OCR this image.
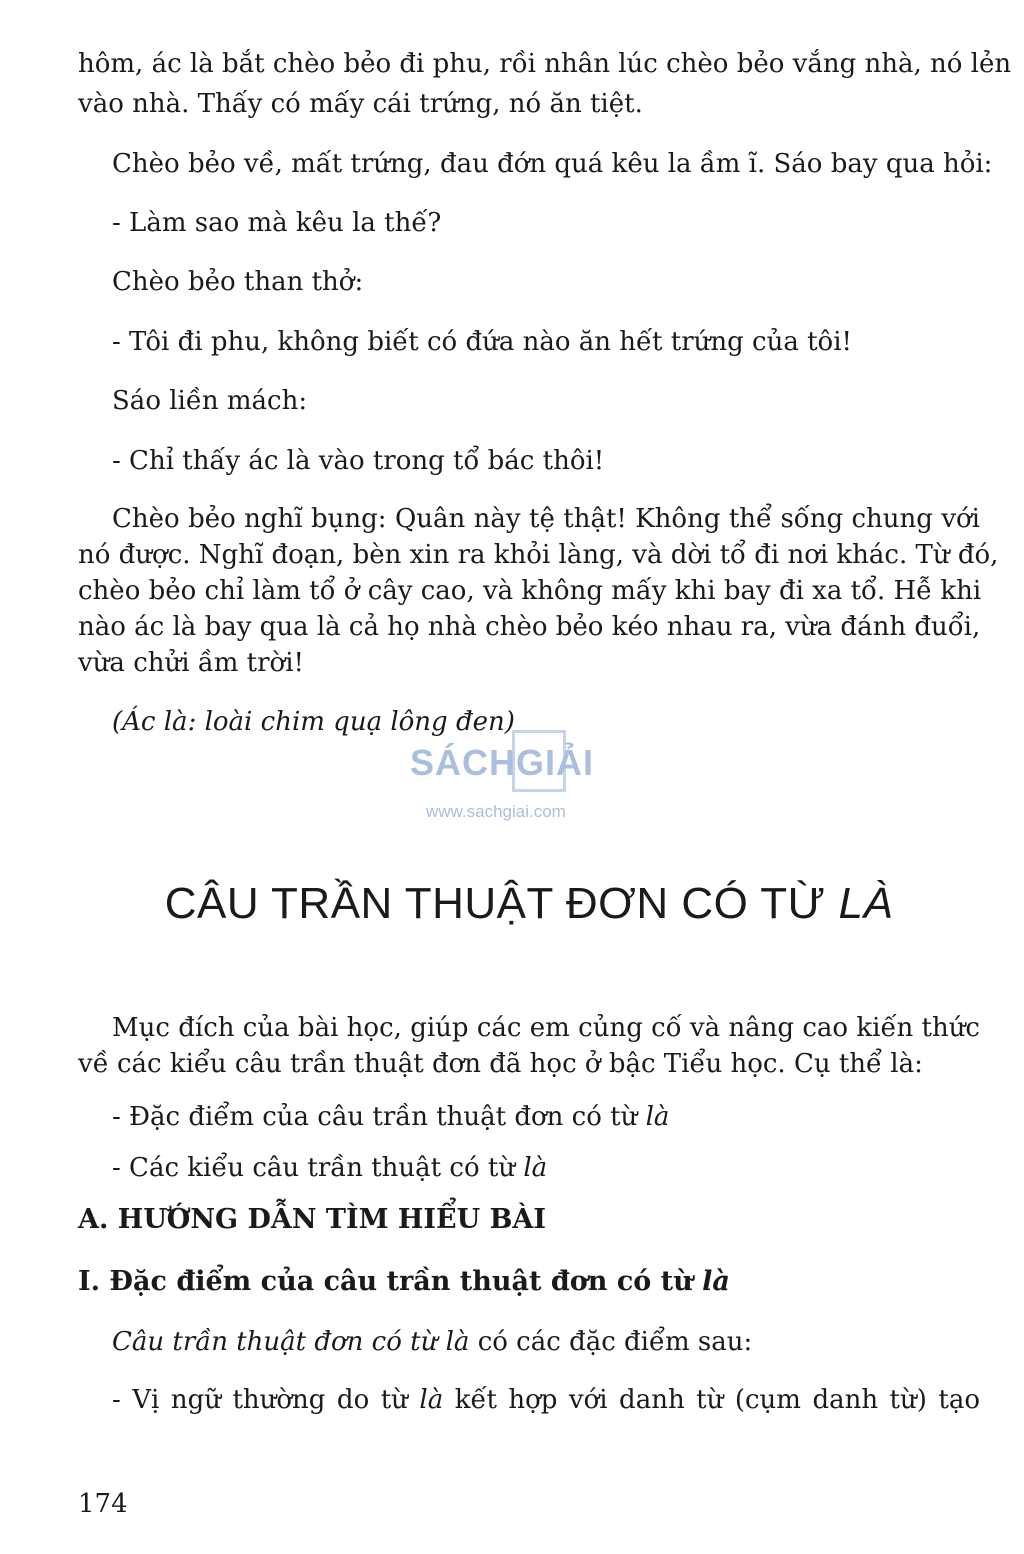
hôm, ác là bắt chèo bẻo đi phu, rồi nhân lúc chèo bẻo vắng nhà, nó lẻn
vào nhà. Thấy có mấy cái trứng, nó ăn tiệt.
Chèo bẻo về, mất trứng, đau đớn quá kêu la ầm ĩ. Sáo bay qua hỏi:
- Làm sao mà kêu la thế?
Chèo bẻo than thở:
- Tôi đi phu, không biết có đứa nào ăn hết trứng của tôi!
Sáo liền mách:
- Chỉ thấy ác là vào trong tổ bác thôi!
Chèo bẻo nghĩ bụng: Quân này tệ thật! Không thể sống chung với
nó được. Nghĩ đoạn, bèn xin ra khỏi làng, và dời tổ đi nơi khác. Từ đó,
chèo bẻo chỉ làm tổ ở cây cao, và không mấy khi bay đi xa tổ. Hễ khi
nào ác là bay qua là cả họ nhà chèo bẻo kéo nhau ra, vừa đánh đuổi,
vừa chửi ầm trời!
(Ác là: loài chim quạ lông đen)
CÂU TRẦN THUẬT ĐƠN CÓ TỪ LÀ
Mục đích của bài học, giúp các em củng cố và nâng cao kiến thức
về các kiểu câu trần thuật đơn đã học ở bậc Tiểu học. Cụ thể là:
- Đặc điểm của câu trần thuật đơn có từ là
- Các kiểu câu trần thuật có từ là
A. HƯỚNG DẪN TÌM HIỂU BÀI
I. Đặc điểm của câu trần thuật đơn có từ là
Câu trần thuật đơn có từ là có các đặc điểm sau:
- Vị ngữ thường do từ là kết hợp với danh từ (cụm danh từ) tạo
174
SÁCHGIẢI
www.sachgiai.com
